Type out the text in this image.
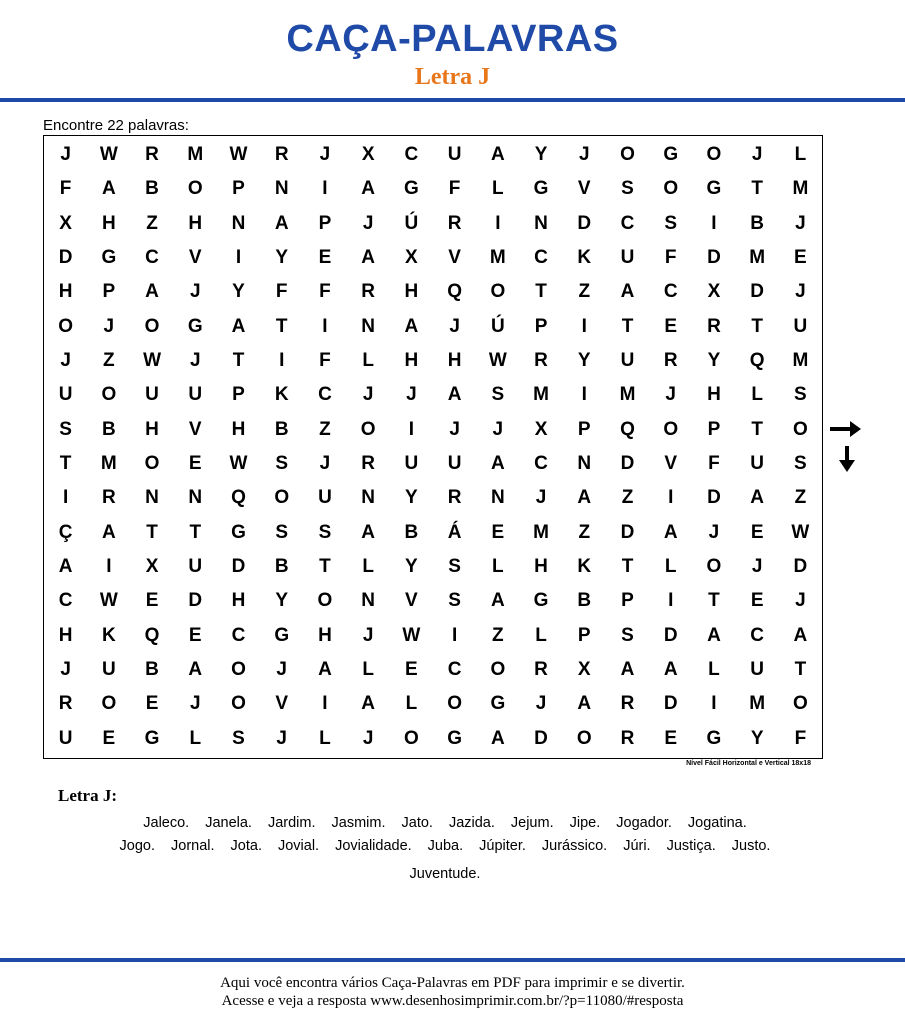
CAÇA-PALAVRAS
Letra J
Encontre 22 palavras:
J	W	R	M	W	R	J	X	C	U	A	Y	J	O	G	O	J	L
F	A	B	O	P	N	I	A	G	F	L	G	V	S	O	G	T	M
X	H	Z	H	N	A	P	J	Ú	R	I	N	D	C	S	I	B	J
D	G	C	V	I	Y	E	A	X	V	M	C	K	U	F	D	M	E
H	P	A	J	Y	F	F	R	H	Q	O	T	Z	A	C	X	D	J
O	J	O	G	A	T	I	N	A	J	Ú	P	I	T	E	R	T	U
J	Z	W	J	T	I	F	L	H	H	W	R	Y	U	R	Y	Q	M
U	O	U	U	P	K	C	J	J	A	S	M	I	M	J	H	L	S
S	B	H	V	H	B	Z	O	I	J	J	X	P	Q	O	P	T	O
T	M	O	E	W	S	J	R	U	U	A	C	N	D	V	F	U	S
I	R	N	N	Q	O	U	N	Y	R	N	J	A	Z	I	D	A	Z
Ç	A	T	T	G	S	S	A	B	Á	E	M	Z	D	A	J	E	W
A	I	X	U	D	B	T	L	Y	S	L	H	K	T	L	O	J	D
C	W	E	D	H	Y	O	N	V	S	A	G	B	P	I	T	E	J
H	K	Q	E	C	G	H	J	W	I	Z	L	P	S	D	A	C	A
J	U	B	A	O	J	A	L	E	C	O	R	X	A	A	L	U	T
R	O	E	J	O	V	I	A	L	O	G	J	A	R	D	I	M	O
U	E	G	L	S	J	L	J	O	G	A	D	O	R	E	G	Y	F
Nível Fácil Horizontal e Vertical 18x18
Letra J:
Jaleco. Janela. Jardim. Jasmim. Jato. Jazida. Jejum. Jipe. Jogador. Jogatina.
Jogo. Jornal. Jota. Jovial. Jovialidade. Juba. Júpiter. Jurássico. Júri. Justiça. Justo.
Juventude.
Aqui você encontra vários Caça-Palavras em PDF para imprimir e se divertir.
Acesse e veja a resposta www.desenhosimprimir.com.br/?p=11080/#resposta
